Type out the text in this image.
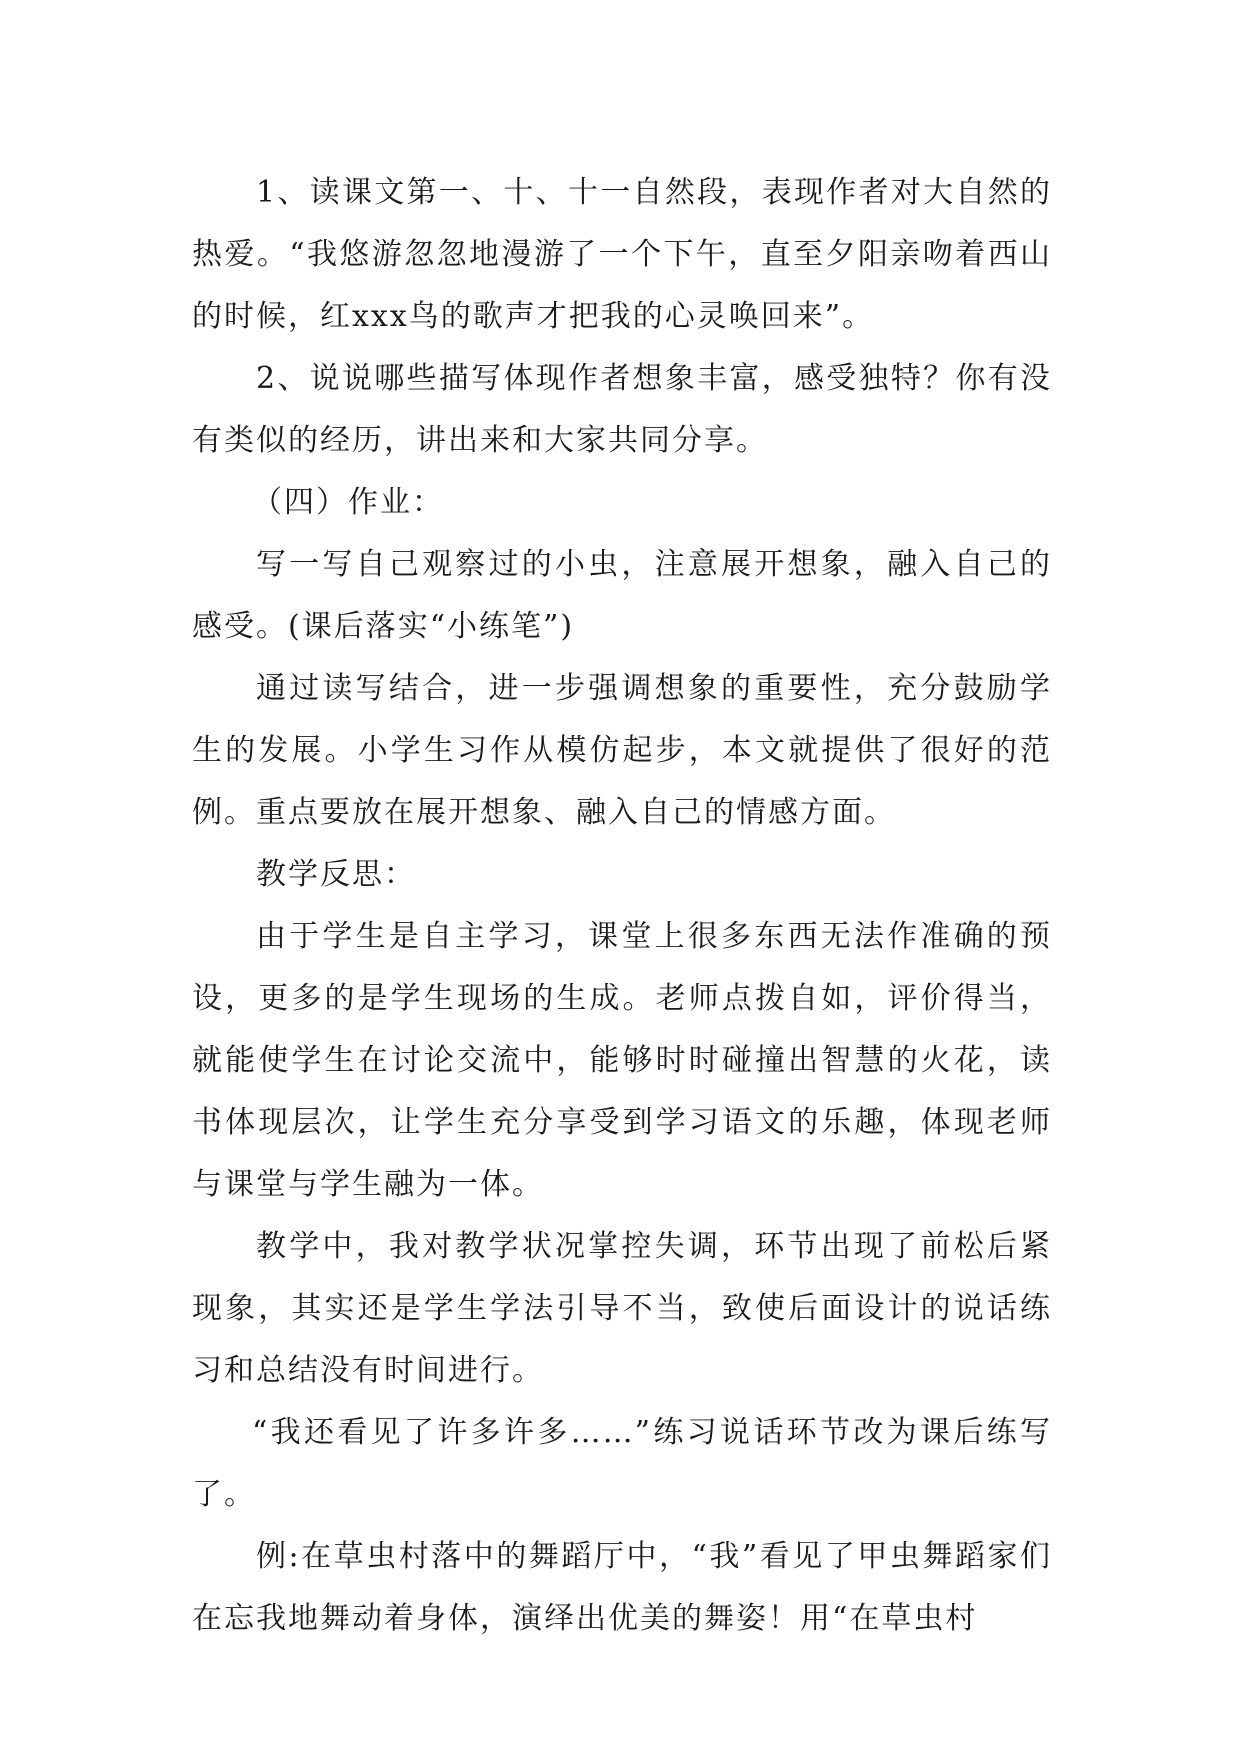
1、读课文第一、十、十一自然段，表现作者对大自然的热爱。“我悠游忽忽地漫游了一个下午，直至夕阳亲吻着西山的时候，红xxx鸟的歌声才把我的心灵唤回来”。

2、说说哪些描写体现作者想象丰富，感受独特？你有没有类似的经历，讲出来和大家共同分享。

（四）作业：

写一写自己观察过的小虫，注意展开想象，融入自己的感受。(课后落实“小练笔”)

通过读写结合，进一步强调想象的重要性，充分鼓励学生的发展。小学生习作从模仿起步，本文就提供了很好的范例。重点要放在展开想象、融入自己的情感方面。

教学反思：

由于学生是自主学习，课堂上很多东西无法作准确的预设，更多的是学生现场的生成。老师点拨自如，评价得当，就能使学生在讨论交流中，能够时时碰撞出智慧的火花，读书体现层次，让学生充分享受到学习语文的乐趣，体现老师与课堂与学生融为一体。

教学中，我对教学状况掌控失调，环节出现了前松后紧现象，其实还是学生学法引导不当，致使后面设计的说话练习和总结没有时间进行。

“我还看见了许多许多……”练习说话环节改为课后练写了。

例:在草虫村落中的舞蹈厅中，“我”看见了甲虫舞蹈家们在忘我地舞动着身体，演绎出优美的舞姿！用“在草虫村
